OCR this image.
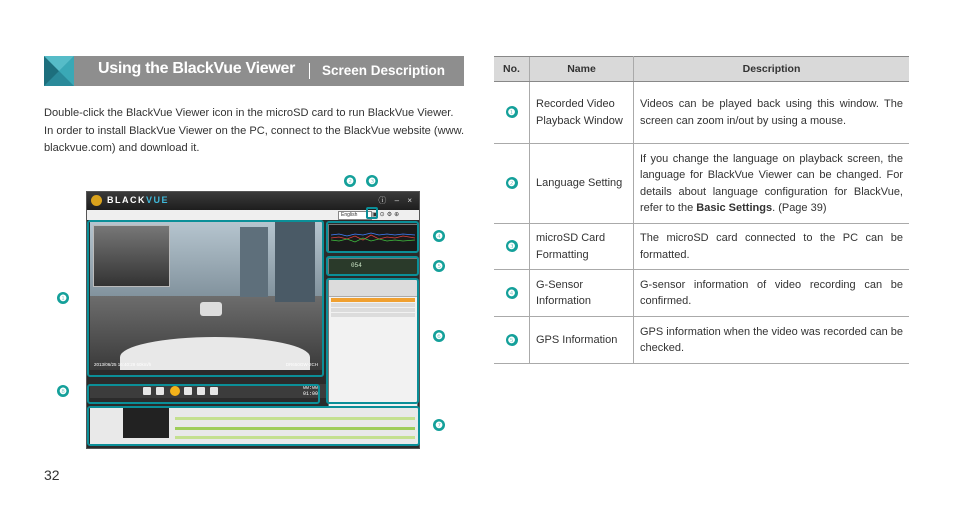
Using the BlackVue Viewer Screen Description

Double-click the BlackVue Viewer icon in the microSD card to run BlackVue Viewer.

In order to install BlackVue Viewer on the PC, connect to the BlackVue website (www. blackvue.com) and download it.

BLACKVUE	ⓘ – ×
English	▣⊙⚙⊕
2013/06/25 16:40:29 60km/h	DR650GW-2CH
054
00:00
01:00
❷ ❸
❶
❹
❺
❻
❼
❽
No.	Name	Description
❶	Recorded Video Playback Window	Videos can be played back using this window. The screen can zoom in/out by using a mouse.
❷	Language Setting	If you change the language on playback screen, the language for BlackVue Viewer can be changed. For details about language configuration for BlackVue, refer to the Basic Settings. (Page 39)
❸	microSD Card Formatting	The microSD card connected to the PC can be formatted.
❹	G-Sensor Information	G-sensor information of video recording can be confirmed.
❺	GPS Information	GPS information when the video was recorded can be checked.
32
